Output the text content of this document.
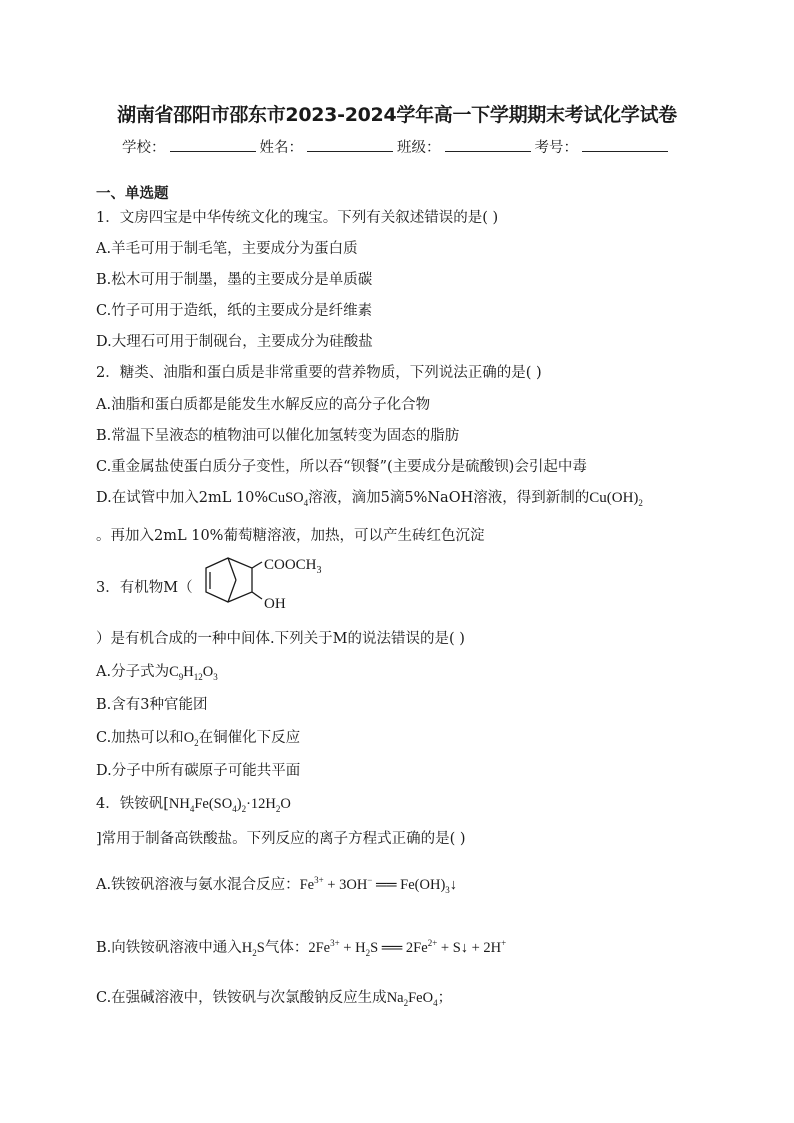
湖南省邵阳市邵东市2023-2024学年高一下学期期末考试化学试卷
学校：	姓名：	班级：	考号：
一、单选题
1．文房四宝是中华传统文化的瑰宝。下列有关叙述错误的是( )
A.羊毛可用于制毛笔，主要成分为蛋白质
B.松木可用于制墨，墨的主要成分是单质碳
C.竹子可用于造纸，纸的主要成分是纤维素
D.大理石可用于制砚台，主要成分为硅酸盐
2．糖类、油脂和蛋白质是非常重要的营养物质，下列说法正确的是( )
A.油脂和蛋白质都是能发生水解反应的高分子化合物
B.常温下呈液态的植物油可以催化加氢转变为固态的脂肪
C.重金属盐使蛋白质分子变性，所以吞“钡餐”(主要成分是硫酸钡)会引起中毒
D.在试管中加入2mL 10%CuSO$_4$溶液，滴加5滴5%NaOH溶液，得到新制的$Cu(OH)_2$
。再加入2mL 10%葡萄糖溶液，加热，可以产生砖红色沉淀
3．有机物M（
$COOCH_3$
OH
）是有机合成的一种中间体.下列关于M的说法错误的是( )
A.分子式为$C_9H_{12}O_3$
B.含有3种官能团
C.加热可以和$O_2$在铜催化下反应
D.分子中所有碳原子可能共平面
4．铁铵矾[$NH_4Fe(SO_4)_2\cdot 12H_2O$
]常用于制备高铁酸盐。下列反应的离子方程式正确的是( )
A.铁铵矾溶液与氨水混合反应：$Fe^{3+} + 3OH^-$ ══ $Fe(OH)_3↓$
B.向铁铵矾溶液中通入$H_2S$气体：$2Fe^{3+} + H_2S$ ══ $2Fe^{2+}$ + S↓ + 2H+
C.在强碱溶液中，铁铵矾与次氯酸钠反应生成$Na_2FeO_4$；
